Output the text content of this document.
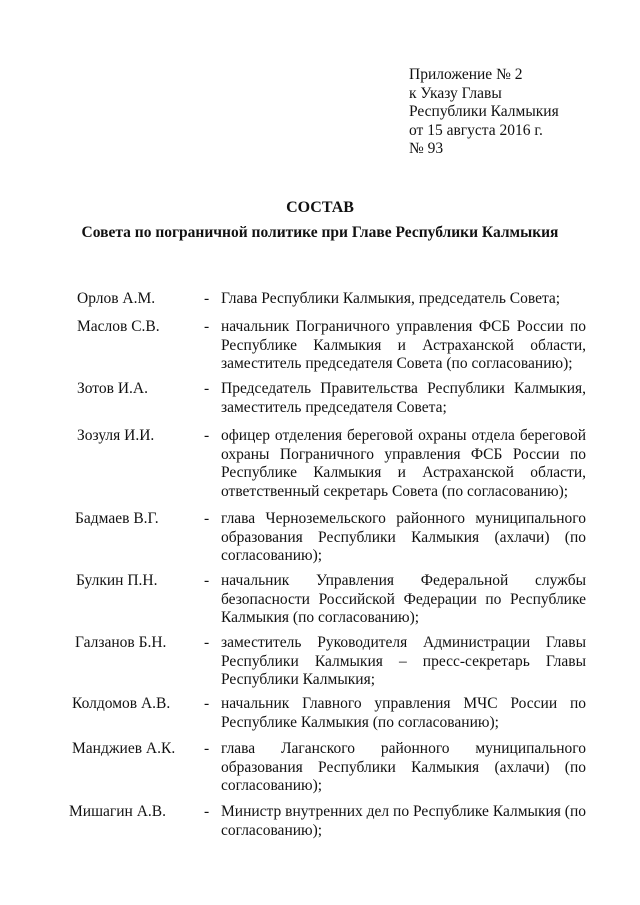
Приложение № 2
к Указу Главы
Республики Калмыкия
от 15 августа 2016 г.
№ 93
СОСТАВ
Совета по пограничной политике при Главе Республики Калмыкия
Орлов А.М.	- Глава Республики Калмыкия, председатель Совета;
Маслов С.В.	- начальник Пограничного управления ФСБ России по Республике Калмыкия и Астраханской области, заместитель председателя Совета (по согласованию);
Зотов И.А.	- Председатель Правительства Республики Калмыкия, заместитель председателя Совета;
Зозуля И.И.	- офицер отделения береговой охраны отдела береговой охраны Пограничного управления ФСБ России по Республике Калмыкия и Астраханской области, ответственный секретарь Совета (по согласованию);
Бадмаев В.Г.	- глава Черноземельского районного муниципального образования Республики Калмыкия (ахлачи) (по согласованию);
Булкин П.Н.	- начальник Управления Федеральной службы безопасности Российской Федерации по Республике Калмыкия (по согласованию);
Галзанов Б.Н. - заместитель Руководителя Администрации Главы Республики Калмыкия – пресс-секретарь Главы Республики Калмыкия;
Колдомов А.В. - начальник Главного управления МЧС России по Республике Калмыкия (по согласованию);
Манджиев А.К. - глава Лаганского районного муниципального образования Республики Калмыкия (ахлачи) (по согласованию);
Мишагин А.В. - Министр внутренних дел по Республике Калмыкия (по согласованию);
